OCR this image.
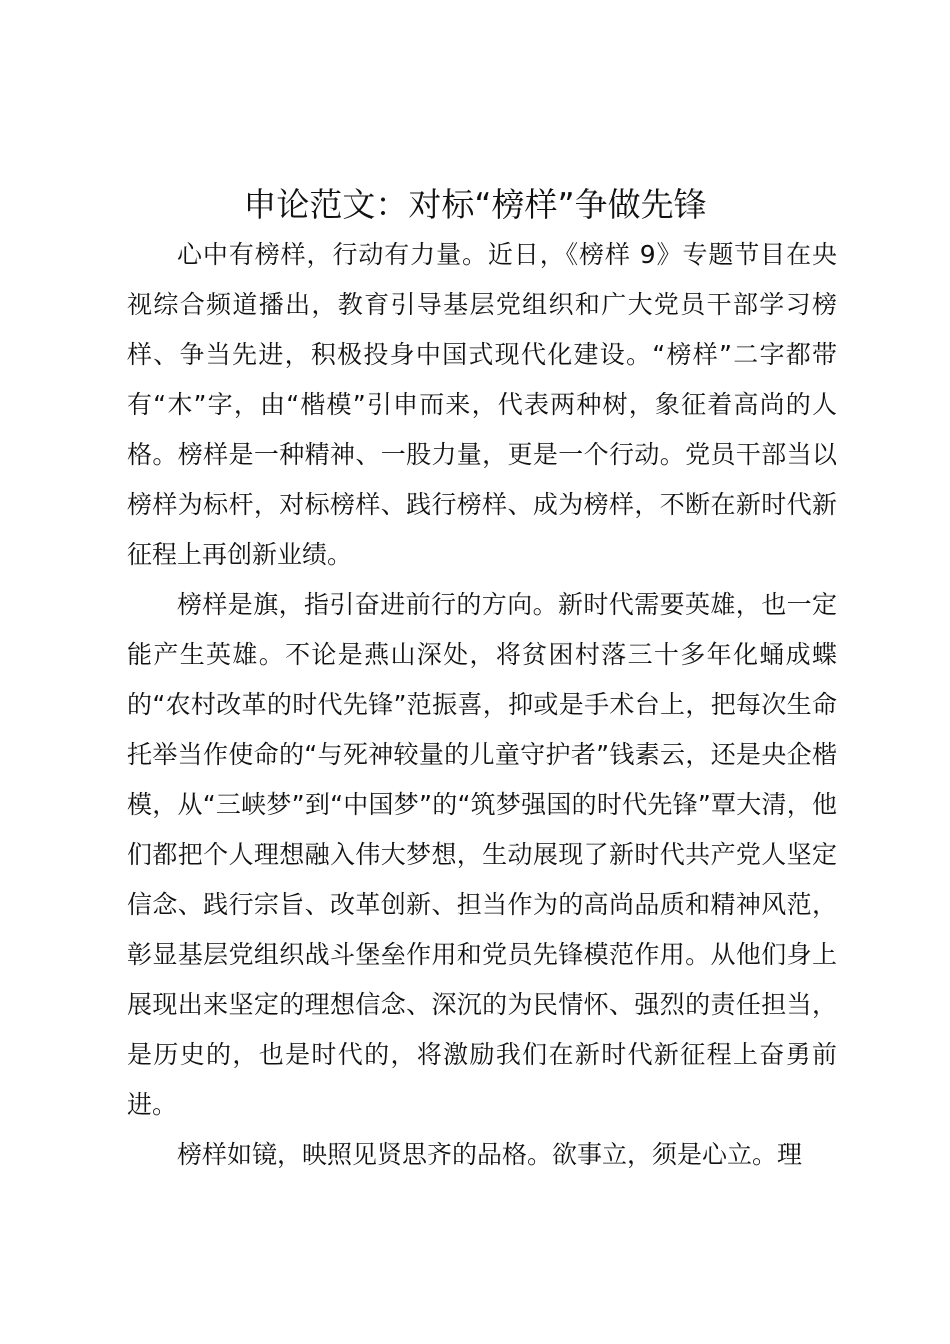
申论范文：对标“榜样”争做先锋

心中有榜样，行动有力量。近日，《榜样 9》专题节目在央视综合频道播出，教育引导基层党组织和广大党员干部学习榜样、争当先进，积极投身中国式现代化建设。“榜样”二字都带有“木”字，由“楷模”引申而来，代表两种树，象征着高尚的人格。榜样是一种精神、一股力量，更是一个行动。党员干部当以榜样为标杆，对标榜样、践行榜样、成为榜样，不断在新时代新征程上再创新业绩。

榜样是旗，指引奋进前行的方向。新时代需要英雄，也一定能产生英雄。不论是燕山深处，将贫困村落三十多年化蛹成蝶的“农村改革的时代先锋”范振喜，抑或是手术台上，把每次生命托举当作使命的“与死神较量的儿童守护者”钱素云，还是央企楷模，从“三峡梦”到“中国梦”的“筑梦强国的时代先锋”覃大清，他们都把个人理想融入伟大梦想，生动展现了新时代共产党人坚定信念、践行宗旨、改革创新、担当作为的高尚品质和精神风范，彰显基层党组织战斗堡垒作用和党员先锋模范作用。从他们身上展现出来坚定的理想信念、深沉的为民情怀、强烈的责任担当，是历史的，也是时代的，将激励我们在新时代新征程上奋勇前进。

榜样如镜，映照见贤思齐的品格。欲事立，须是心立。理
